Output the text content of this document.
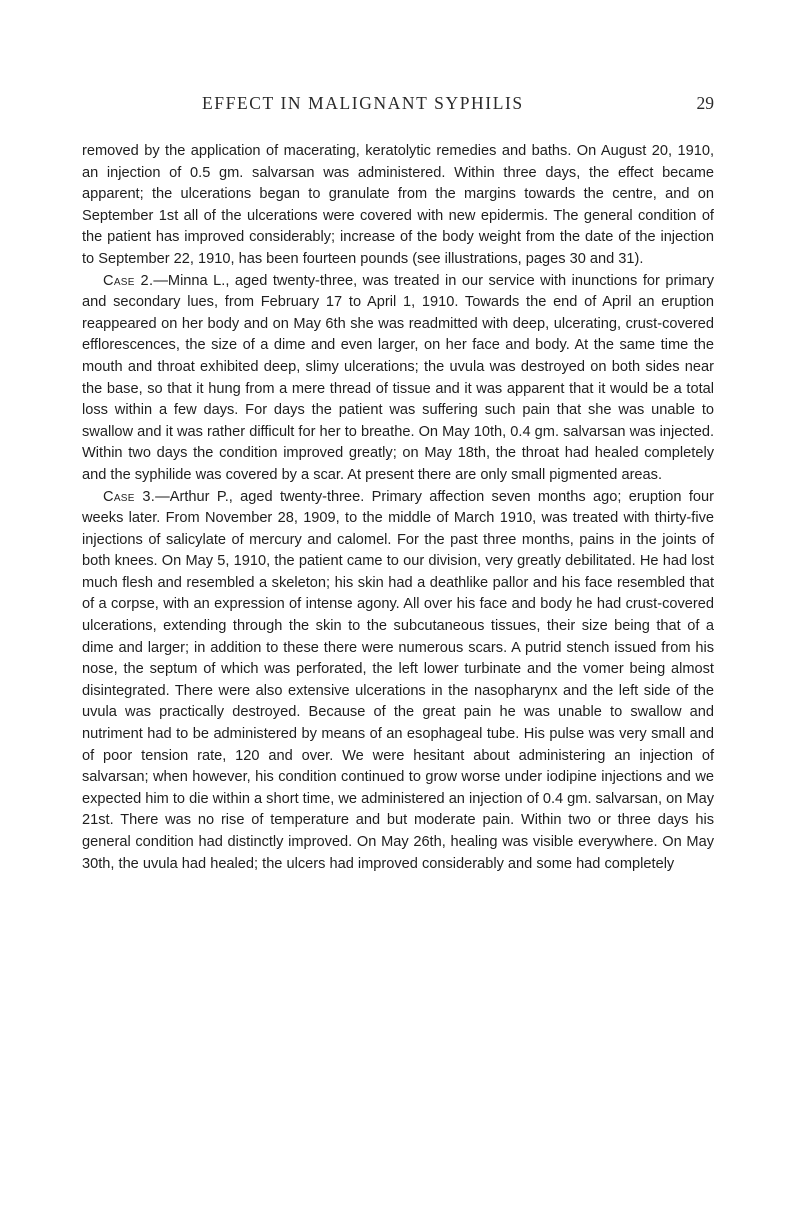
EFFECT IN MALIGNANT SYPHILIS	29

removed by the application of macerating, keratolytic remedies and baths. On August 20, 1910, an injection of 0.5 gm. salvarsan was administered. Within three days, the effect became apparent; the ulcerations began to granulate from the margins towards the centre, and on September 1st all of the ulcerations were covered with new epidermis. The general condition of the patient has improved considerably; increase of the body weight from the date of the injection to September 22, 1910, has been fourteen pounds (see illustrations, pages 30 and 31).

Case 2.—Minna L., aged twenty-three, was treated in our service with inunctions for primary and secondary lues, from February 17 to April 1, 1910. Towards the end of April an eruption reappeared on her body and on May 6th she was readmitted with deep, ulcerating, crust-covered efflorescences, the size of a dime and even larger, on her face and body. At the same time the mouth and throat exhibited deep, slimy ulcerations; the uvula was destroyed on both sides near the base, so that it hung from a mere thread of tissue and it was apparent that it would be a total loss within a few days. For days the patient was suffering such pain that she was unable to swallow and it was rather difficult for her to breathe. On May 10th, 0.4 gm. salvarsan was injected. Within two days the condition improved greatly; on May 18th, the throat had healed completely and the syphilide was covered by a scar. At present there are only small pigmented areas.

Case 3.—Arthur P., aged twenty-three. Primary affection seven months ago; eruption four weeks later. From November 28, 1909, to the middle of March 1910, was treated with thirty-five injections of salicylate of mercury and calomel. For the past three months, pains in the joints of both knees. On May 5, 1910, the patient came to our division, very greatly debilitated. He had lost much flesh and resembled a skeleton; his skin had a deathlike pallor and his face resembled that of a corpse, with an expression of intense agony. All over his face and body he had crust-covered ulcerations, extending through the skin to the subcutaneous tissues, their size being that of a dime and larger; in addition to these there were numerous scars. A putrid stench issued from his nose, the septum of which was perforated, the left lower turbinate and the vomer being almost disintegrated. There were also extensive ulcerations in the nasopharynx and the left side of the uvula was practically destroyed. Because of the great pain he was unable to swallow and nutriment had to be administered by means of an esophageal tube. His pulse was very small and of poor tension rate, 120 and over. We were hesitant about administering an injection of salvarsan; when however, his condition continued to grow worse under iodipine injections and we expected him to die within a short time, we administered an injection of 0.4 gm. salvarsan, on May 21st. There was no rise of temperature and but moderate pain. Within two or three days his general condition had distinctly improved. On May 26th, healing was visible everywhere. On May 30th, the uvula had healed; the ulcers had improved considerably and some had completely
